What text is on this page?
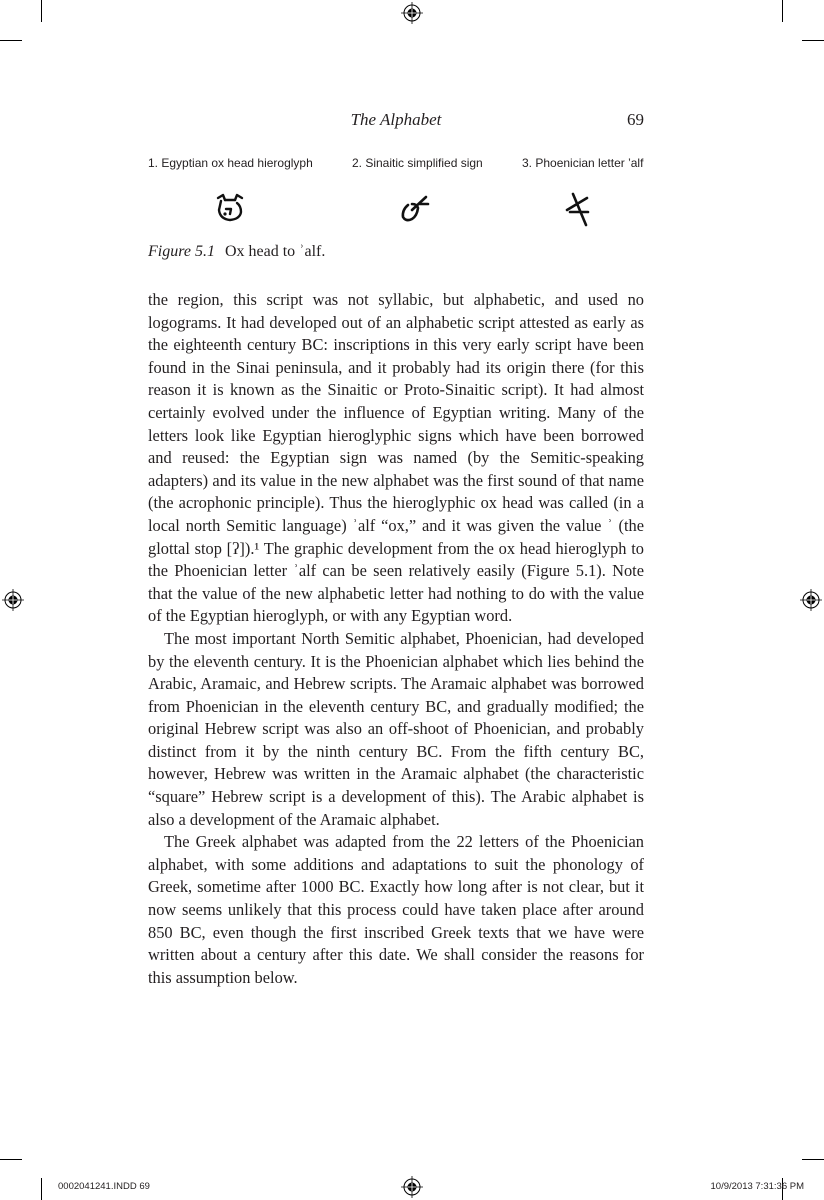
The Alphabet	69
1. Egyptian ox head hieroglyph	2. Sinaitic simplified sign	3. Phoenician letter ’alf
Figure 5.1 Ox head to ʾalf.

the region, this script was not syllabic, but alphabetic, and used no logograms. It had developed out of an alphabetic script attested as early as the eighteenth century BC: inscriptions in this very early script have been found in the Sinai peninsula, and it probably had its origin there (for this reason it is known as the Sinaitic or Proto-Sinaitic script). It had almost certainly evolved under the influence of Egyptian writing. Many of the letters look like Egyptian hieroglyphic signs which have been borrowed and reused: the Egyptian sign was named (by the Semitic-speaking adapters) and its value in the new alphabet was the first sound of that name (the acrophonic principle). Thus the hieroglyphic ox head was called (in a local north Semitic language) ʾalf “ox,” and it was given the value ʾ (the glottal stop [ʔ]).¹ The graphic development from the ox head hieroglyph to the Phoenician letter ʾalf can be seen relatively easily (Figure 5.1). Note that the value of the new alphabetic letter had nothing to do with the value of the Egyptian hieroglyph, or with any Egyptian word.

The most important North Semitic alphabet, Phoenician, had developed by the eleventh century. It is the Phoenician alphabet which lies behind the Arabic, Aramaic, and Hebrew scripts. The Aramaic alphabet was borrowed from Phoenician in the eleventh century BC, and gradually modified; the original Hebrew script was also an off-shoot of Phoenician, and probably distinct from it by the ninth century BC. From the fifth century BC, however, Hebrew was written in the Aramaic alphabet (the characteristic “square” Hebrew script is a development of this). The Arabic alphabet is also a development of the Aramaic alphabet.

The Greek alphabet was adapted from the 22 letters of the Phoenician alphabet, with some additions and adaptations to suit the phonology of Greek, sometime after 1000 BC. Exactly how long after is not clear, but it now seems unlikely that this process could have taken place after around 850 BC, even though the first inscribed Greek texts that we have were written about a century after this date. We shall consider the reasons for this assumption below.

0002041241.INDD 69	10/9/2013 7:31:36 PM
